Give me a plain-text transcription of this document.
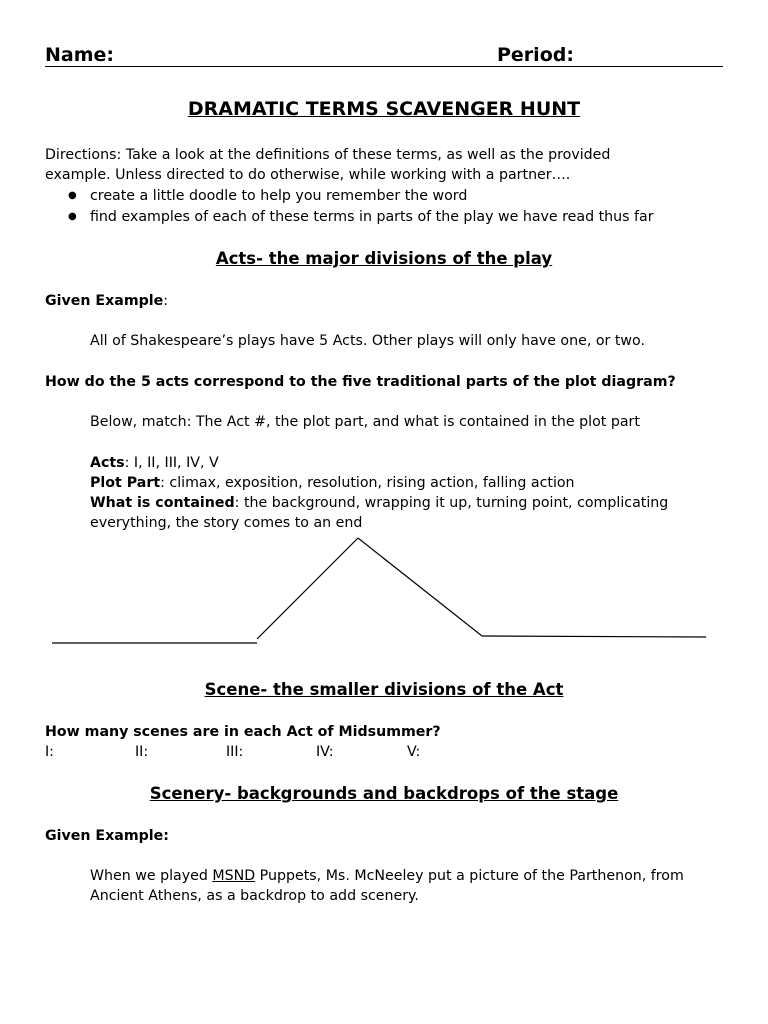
Name:	Period:
DRAMATIC TERMS SCAVENGER HUNT
Directions: Take a look at the definitions of these terms, as well as the provided
example. Unless directed to do otherwise, while working with a partner….
● create a little doodle to help you remember the word
● find examples of each of these terms in parts of the play we have read thus far
Acts- the major divisions of the play
Given Example:
All of Shakespeare’s plays have 5 Acts. Other plays will only have one, or two.
How do the 5 acts correspond to the five traditional parts of the plot diagram?
Below, match: The Act #, the plot part, and what is contained in the plot part
Acts: I, II, III, IV, V
Plot Part: climax, exposition, resolution, rising action, falling action
What is contained: the background, wrapping it up, turning point, complicating
everything, the story comes to an end
Scene- the smaller divisions of the Act
How many scenes are in each Act of Midsummer?
I:	II:	III:	IV:	V:
Scenery- backgrounds and backdrops of the stage
Given Example:
When we played MSND Puppets, Ms. McNeeley put a picture of the Parthenon, from
Ancient Athens, as a backdrop to add scenery.
